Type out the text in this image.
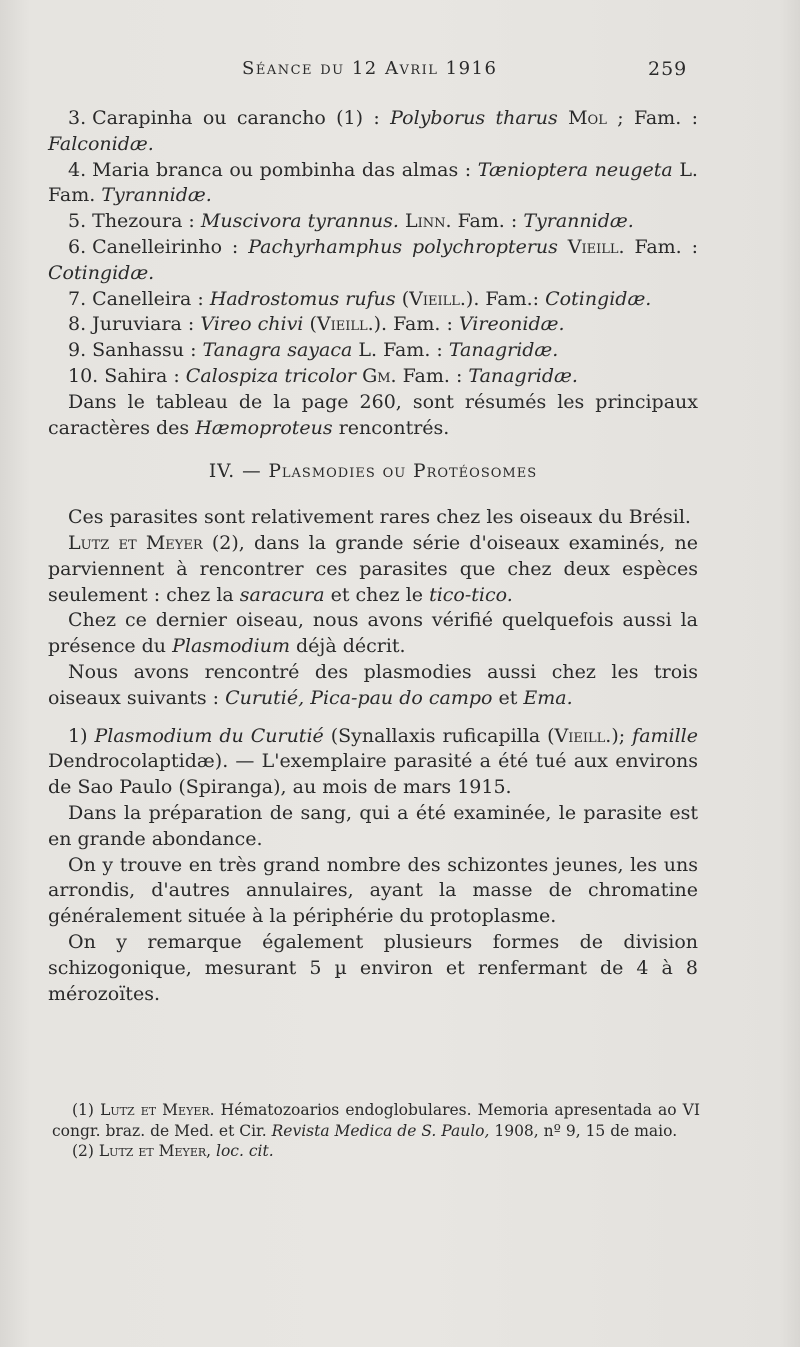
Séance du 12 Avril 1916	259

3. Carapinha ou carancho (1) : Polyborus tharus Mol ; Fam. : Falconidæ.

4. Maria branca ou pombinha das almas : Tænioptera neugeta L. Fam. Tyrannidæ.

5. Thezoura : Muscivora tyrannus. Linn. Fam. : Tyrannidæ.

6. Canelleirinho : Pachyrhamphus polychropterus Vieill. Fam. : Cotingidæ.

7. Canelleira : Hadrostomus rufus (Vieill.). Fam.: Cotingidæ.

8. Juruviara : Vireo chivi (Vieill.). Fam. : Vireonidæ.

9. Sanhassu : Tanagra sayaca L. Fam. : Tanagridæ.

10. Sahira : Calospiza tricolor Gm. Fam. : Tanagridæ.

Dans le tableau de la page 260, sont résumés les principaux caractères des Hæmoproteus rencontrés.

IV. — Plasmodies ou Protéosomes

Ces parasites sont relativement rares chez les oiseaux du Brésil.

Lutz et Meyer (2), dans la grande série d'oiseaux examinés, ne parviennent à rencontrer ces parasites que chez deux espèces seulement : chez la saracura et chez le tico-tico.

Chez ce dernier oiseau, nous avons vérifié quelquefois aussi la présence du Plasmodium déjà décrit.

Nous avons rencontré des plasmodies aussi chez les trois oiseaux suivants : Curutié, Pica-pau do campo et Ema.

1) Plasmodium du Curutié (Synallaxis ruficapilla (Vieill.); famille Dendrocolaptidæ). — L'exemplaire parasité a été tué aux environs de Sao Paulo (Spiranga), au mois de mars 1915.

Dans la préparation de sang, qui a été examinée, le parasite est en grande abondance.

On y trouve en très grand nombre des schizontes jeunes, les uns arrondis, d'autres annulaires, ayant la masse de chromatine généralement située à la périphérie du protoplasme.

On y remarque également plusieurs formes de division schizogonique, mesurant 5 µ environ et renfermant de 4 à 8 mérozoïtes.

(1) Lutz et Meyer. Hématozoarios endoglobulares. Memoria apresentada ao VI congr. braz. de Med. et Cir. Revista Medica de S. Paulo, 1908, nº 9, 15 de maio.

(2) Lutz et Meyer, loc. cit.
